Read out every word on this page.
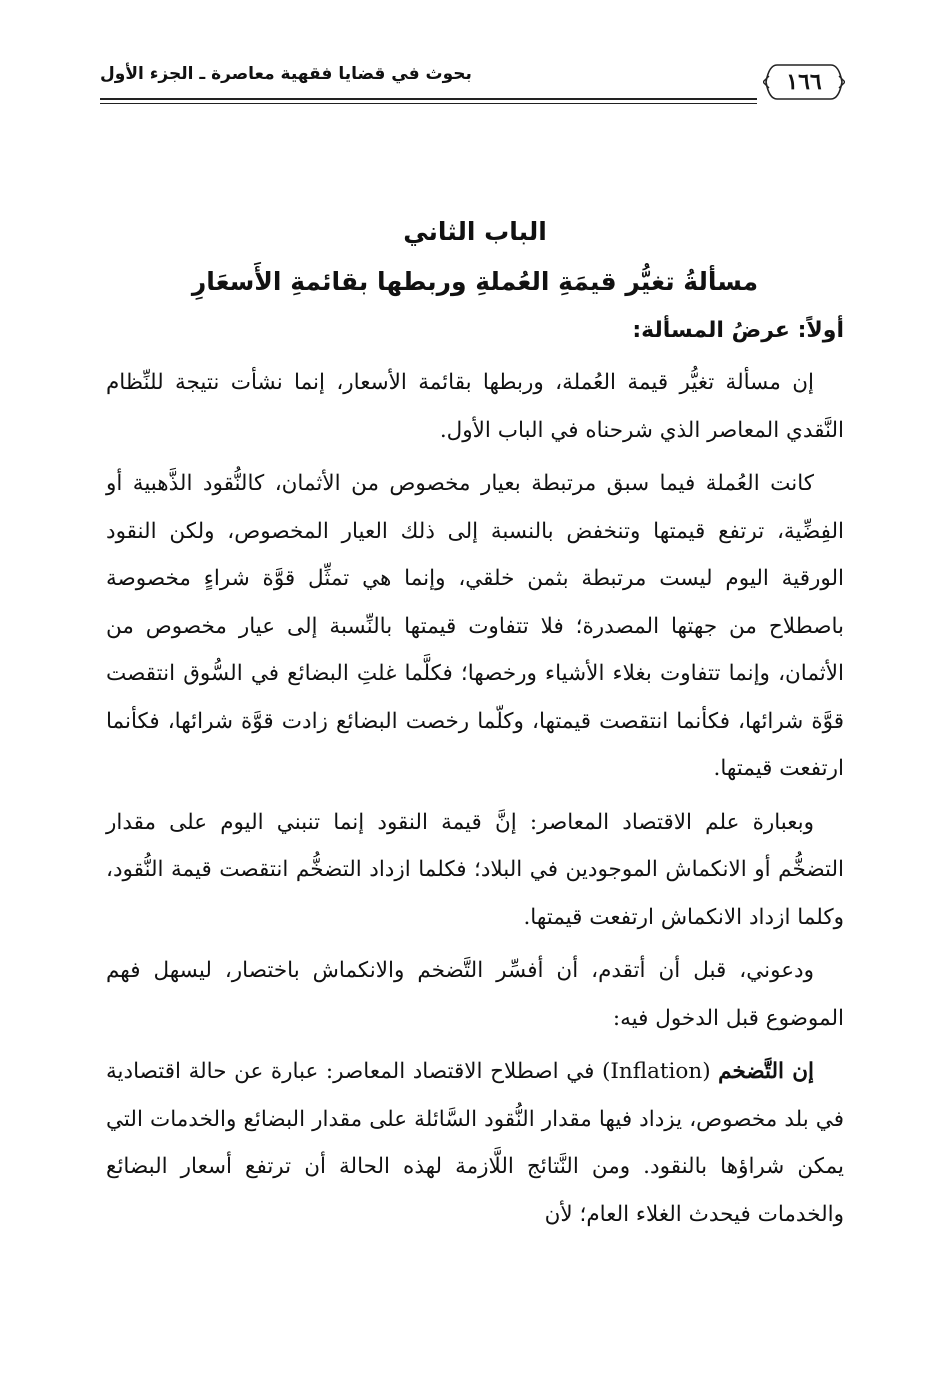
١٦٦
بحوث في قضايا فقهية معاصرة ـ الجزء الأول
الباب الثاني
مسألةُ تغيُّر قيمَةِ العُملةِ وربطها بقائمةِ الأَسعَارِ
أولاً: عرضُ المسألة:

إن مسألة تغيُّر قيمة العُملة، وربطها بقائمة الأسعار، إنما نشأت نتيجة للنِّظام النَّقدي المعاصر الذي شرحناه في الباب الأول.

كانت العُملة فيما سبق مرتبطة بعيار مخصوص من الأثمان، كالنُّقود الذَّهبية أو الفِضِّية، ترتفع قيمتها وتنخفض بالنسبة إلى ذلك العيار المخصوص، ولكن النقود الورقية اليوم ليست مرتبطة بثمن خلقي، وإنما هي تمثِّل قوَّة شراءٍ مخصوصة باصطلاح من جهتها المصدرة؛ فلا تتفاوت قيمتها بالنِّسبة إلى عيار مخصوص من الأثمان، وإنما تتفاوت بغلاء الأشياء ورخصها؛ فكلَّما غلتِ البضائع في السُّوق انتقصت قوَّة شرائها، فكأنما انتقصت قيمتها، وكلّما رخصت البضائع زادت قوَّة شرائها، فكأنما ارتفعت قيمتها.

وبعبارة علم الاقتصاد المعاصر: إنَّ قيمة النقود إنما تنبني اليوم على مقدار التضخُّم أو الانكماش الموجودين في البلاد؛ فكلما ازداد التضخُّم انتقصت قيمة النُّقود، وكلما ازداد الانكماش ارتفعت قيمتها.

ودعوني، قبل أن أتقدم، أن أفسِّر التَّضخم والانكماش باختصار، ليسهل فهم الموضوع قبل الدخول فيه:

إن التَّضخم (Inflation) في اصطلاح الاقتصاد المعاصر: عبارة عن حالة اقتصادية في بلد مخصوص، يزداد فيها مقدار النُّقود السَّائلة على مقدار البضائع والخدمات التي يمكن شراؤها بالنقود. ومن النَّتائج اللَّازمة لهذه الحالة أن ترتفع أسعار البضائع والخدمات فيحدث الغلاء العام؛ لأن
